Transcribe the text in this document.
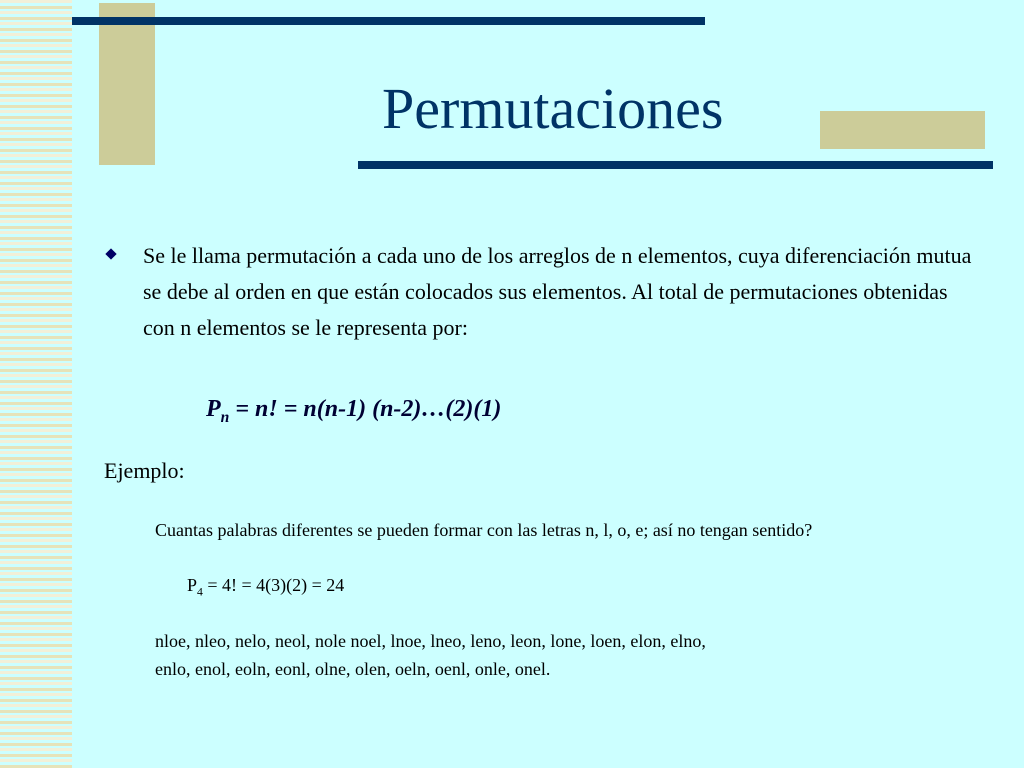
Permutaciones
Se le llama permutación a cada uno de los arreglos de n elementos, cuya diferenciación mutua se debe al orden en que están colocados sus elementos. Al total de permutaciones obtenidas con n elementos se le representa por:
$P_n = n$! = n(n-1) (n-2)…(2)(1)
Ejemplo:
Cuantas palabras diferentes se pueden formar con las letras n, l, o, e; así no tengan sentido?
$P_4 = 4$! = 4(3)(2) = 24
nloe, nleo, nelo, neol, nole noel, lnoe, lneo, leno, leon, lone, loen, elon, elno,
enlo, enol, eoln, eonl, olne, olen, oeln, oenl, onle, onel.
